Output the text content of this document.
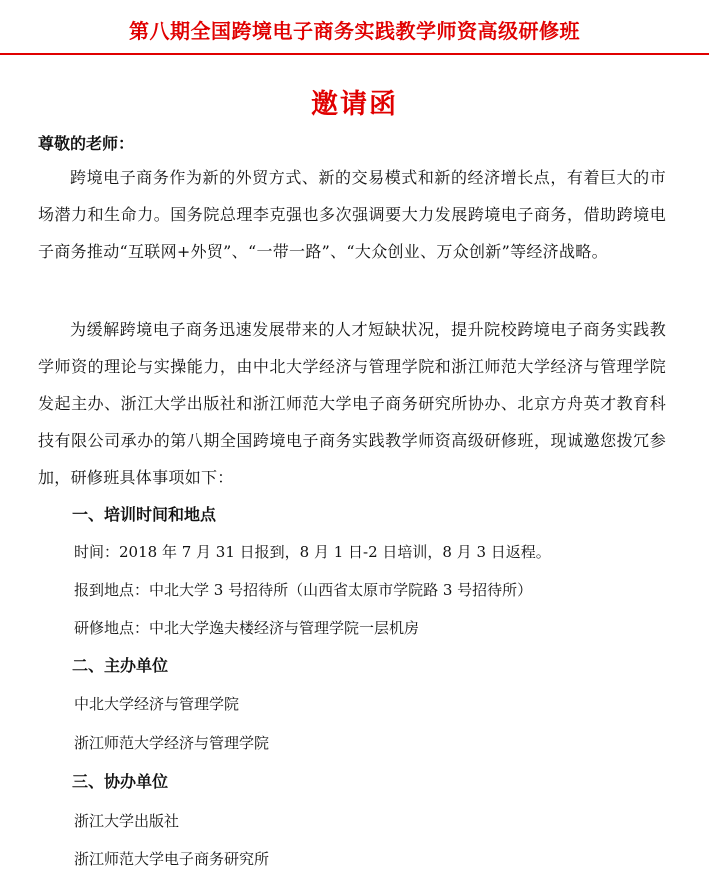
第八期全国跨境电子商务实践教学师资高级研修班
邀请函
尊敬的老师：
跨境电子商务作为新的外贸方式、新的交易模式和新的经济增长点，有着巨大的市场潜力和生命力。国务院总理李克强也多次强调要大力发展跨境电子商务，借助跨境电子商务推动“互联网+外贸”、“一带一路”、“大众创业、万众创新”等经济战略。
为缓解跨境电子商务迅速发展带来的人才短缺状况，提升院校跨境电子商务实践教学师资的理论与实操能力，由中北大学经济与管理学院和浙江师范大学经济与管理学院发起主办、浙江大学出版社和浙江师范大学电子商务研究所协办、北京方舟英才教育科技有限公司承办的第八期全国跨境电子商务实践教学师资高级研修班，现诚邀您拨冗参加，研修班具体事项如下：
一、培训时间和地点
时间：2018 年 7 月 31 日报到，8 月 1 日-2 日培训，8 月 3 日返程。
报到地点：中北大学 3 号招待所（山西省太原市学院路 3 号招待所）
研修地点：中北大学逸夫楼经济与管理学院一层机房
二、主办单位
中北大学经济与管理学院
浙江师范大学经济与管理学院
三、协办单位
浙江大学出版社
浙江师范大学电子商务研究所
